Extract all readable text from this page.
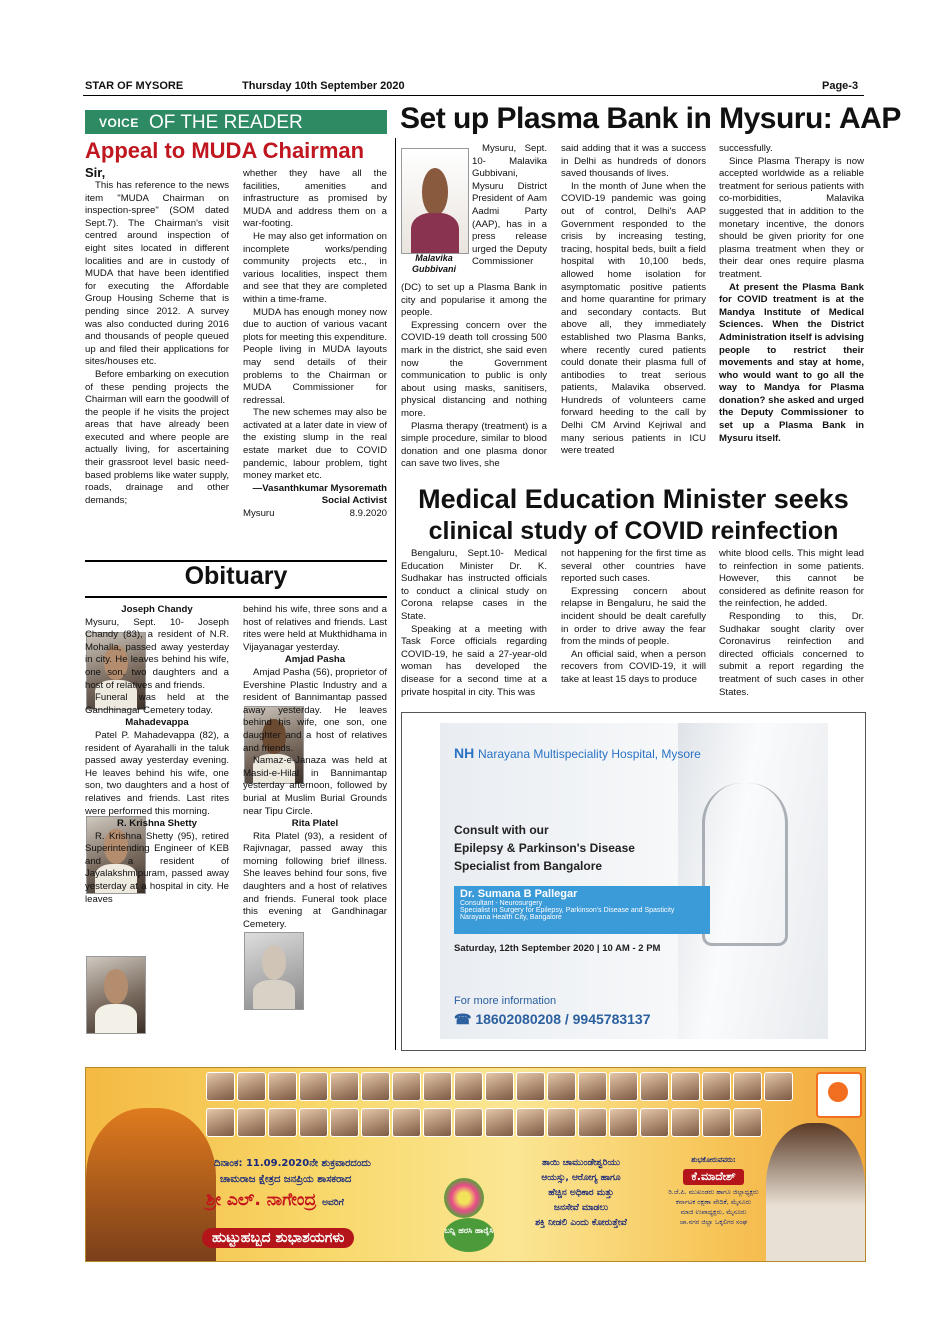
STAR OF MYSORE	Thursday 10th September 2020	Page-3
VOICE OF THE READER
Appeal to MUDA Chairman

Sir,

This has reference to the news item "MUDA Chairman on inspection-spree" (SOM dated Sept.7). The Chairman's visit centred around inspection of eight sites located in different localities and are in custody of MUDA that have been identified for executing the Affordable Group Housing Scheme that is pending since 2012. A survey was also conducted during 2016 and thousands of people queued up and filed their applications for sites/houses etc.

Before embarking on execution of these pending projects the Chairman will earn the goodwill of the people if he visits the project areas that have already been executed and where people are actually living, for ascertaining their grassroot level basic need-based problems like water supply, roads, drainage and other demands;

whether they have all the facilities, amenities and infrastructure as promised by MUDA and address them on a war-footing.

He may also get information on incomplete works/pending community projects etc., in various localities, inspect them and see that they are completed within a time-frame.

MUDA has enough money now due to auction of various vacant plots for meeting this expenditure. People living in MUDA layouts may send details of their problems to the Chairman or MUDA Commissioner for redressal.

The new schemes may also be activated at a later date in view of the existing slump in the real estate market due to COVID pandemic, labour problem, tight money market etc.

—Vasanthkumar Mysoremath
Social Activist
Mysuru	8.9.2020
Obituary
Joseph Chandy

Mysuru, Sept. 10- Joseph Chandy (83), a resident of N.R. Mohalla, passed away yesterday in city. He leaves behind his wife, one son, two daughters and a host of relatives and friends.

Funeral was held at the Gandhinagar Cemetery today.

Mahadevappa

Patel P. Mahadevappa (82), a resident of Ayarahalli in the taluk passed away yesterday evening. He leaves behind his wife, one son, two daughters and a host of relatives and friends. Last rites were performed this morning.

R. Krishna Shetty

R. Krishna Shetty (95), retired Superintending Engineer of KEB and a resident of Jayalakshmipuram, passed away yesterday at a hospital in city. He leaves

behind his wife, three sons and a host of relatives and friends. Last rites were held at Mukthidhama in Vijayanagar yesterday.

Amjad Pasha

Amjad Pasha (56), proprietor of Evershine Plastic Industry and a resident of Bannimantap passed away yesterday. He leaves behind his wife, one son, one daughter and a host of relatives and friends.

Namaz-e-Janaza was held at Masid-e-Hilal in Bannimantap yesterday afternoon, followed by burial at Muslim Burial Grounds near Tipu Circle.

Rita Platel

Rita Platel (93), a resident of Rajivnagar, passed away this morning following brief illness. She leaves behind four sons, five daughters and a host of relatives and friends. Funeral took place this evening at Gandhinagar Cemetery.

Set up Plasma Bank in Mysuru: AAP
Malavika Gubbivani

Mysuru, Sept. 10- Malavika Gubbivani, Mysuru District President of Aam Aadmi Party (AAP), has in a press release urged the Deputy Commissioner

(DC) to set up a Plasma Bank in city and popularise it among the people.

Expressing concern over the COVID-19 death toll crossing 500 mark in the district, she said even now the Government communication to public is only about using masks, sanitisers, physical distancing and nothing more.

Plasma therapy (treatment) is a simple procedure, similar to blood donation and one plasma donor can save two lives, she

said adding that it was a success in Delhi as hundreds of donors saved thousands of lives.

In the month of June when the COVID-19 pandemic was going out of control, Delhi's AAP Government responded to the crisis by increasing testing, tracing, hospital beds, built a field hospital with 10,100 beds, allowed home isolation for asymptomatic positive patients and home quarantine for primary and secondary contacts. But above all, they immediately established two Plasma Banks, where recently cured patients could donate their plasma full of antibodies to treat serious patients, Malavika observed. Hundreds of volunteers came forward heeding to the call by Delhi CM Arvind Kejriwal and many serious patients in ICU were treated

successfully.

Since Plasma Therapy is now accepted worldwide as a reliable treatment for serious patients with co-morbidities, Malavika suggested that in addition to the monetary incentive, the donors should be given priority for one plasma treatment when they or their dear ones require plasma treatment.

At present the Plasma Bank for COVID treatment is at the Mandya Institute of Medical Sciences. When the District Administration itself is advising people to restrict their movements and stay at home, who would want to go all the way to Mandya for Plasma donation? she asked and urged the Deputy Commissioner to set up a Plasma Bank in Mysuru itself.

Medical Education Minister seeks
clinical study of COVID reinfection

Bengaluru, Sept.10- Medical Education Minister Dr. K. Sudhakar has instructed officials to conduct a clinical study on Corona relapse cases in the State.

Speaking at a meeting with Task Force officials regarding COVID-19, he said a 27-year-old woman has developed the disease for a second time at a private hospital in city. This was

not happening for the first time as several other countries have reported such cases.

Expressing concern about relapse in Bengaluru, he said the incident should be dealt carefully in order to drive away the fear from the minds of people.

An official said, when a person recovers from COVID-19, it will take at least 15 days to produce

white blood cells. This might lead to reinfection in some patients. However, this cannot be considered as definite reason for the reinfection, he added.

Responding to this, Dr. Sudhakar sought clarity over Coronavirus reinfection and directed officials concerned to submit a report regarding the treatment of such cases in other States.

NH Narayana Multispeciality Hospital, Mysore
Consult with our
Epilepsy & Parkinson's Disease
Specialist from Bangalore
Dr. Sumana B Pallegar
Consultant - Neurosurgery
Specialist in Surgery for Epilepsy, Parkinson's Disease and Spasticity
Narayana Health City, Bangalore
Saturday, 12th September 2020 | 10 AM - 2 PM
For more information
☎ 18602080208 / 9945783137
ದಿನಾಂಕ: 11.09.2020ನೇ ಶುಕ್ರವಾರದಂದು
ಚಾಮರಾಜ ಕ್ಷೇತ್ರದ ಜನಪ್ರಿಯ ಶಾಸಕರಾದ
ಶ್ರೀ ಎಲ್. ನಾಗೇಂದ್ರ ಅವರಿಗೆ
ಹುಟ್ಟುಹಬ್ಬದ ಶುಭಾಶಯಗಳು	ಬನ್ನಿ ಹರಸಿ ಹಾರೈಸಿ
ತಾಯಿ ಚಾಮುಂಡೇಶ್ವರಿಯು
ಆಯಸ್ಸು, ಆರೋಗ್ಯ ಹಾಗೂ
ಹೆಚ್ಚಿನ ಅಧಿಕಾರ ಮತ್ತು
ಜನಸೇವೆ ಮಾಡಲು
ಶಕ್ತಿ ನೀಡಲಿ ಎಂದು ಕೋರುತ್ತೇವೆ
ಶುಭಕೋರುವವರು:
ಕೆ.ಮಾದೇಶ್
ರಿ.ಜೆ.ಪಿ. ಮುಖಂಡರು ಹಾಗೂ ಜಿಲ್ಲಾಧ್ಯಕ್ಷರು
ಕರ್ನಾಟಕ ರಕ್ಷಣಾ ವೇದಿಕೆ, ಮೈಸೂರು
ಮಾಜಿ ಉಪಾಧ್ಯಕ್ಷರು, ಮೈಸೂರು
ಚಾ.ನಗರ ಜಿಲ್ಲಾ ಒಕ್ಕಲಿಗರ ಸಂಘ
